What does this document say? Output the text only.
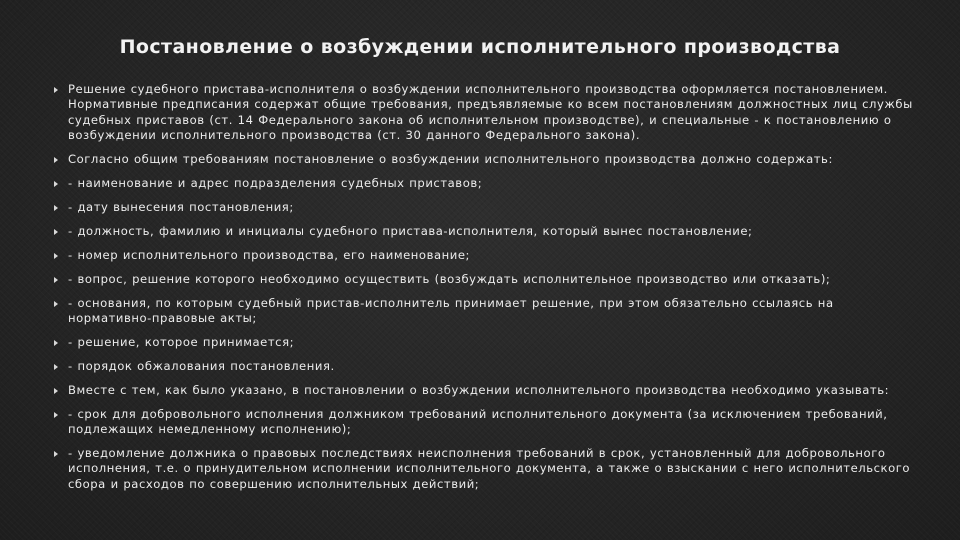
Постановление о возбуждении исполнительного производства
Решение судебного пристава-исполнителя о возбуждении исполнительного производства оформляется постановлением. Нормативные предписания содержат общие требования, предъявляемые ко всем постановлениям должностных лиц службы судебных приставов (ст. 14 Федерального закона об исполнительном производстве), и специальные - к постановлению о возбуждении исполнительного производства (ст. 30 данного Федерального закона).
Согласно общим требованиям постановление о возбуждении исполнительного производства должно содержать:
- наименование и адрес подразделения судебных приставов;
- дату вынесения постановления;
- должность, фамилию и инициалы судебного пристава-исполнителя, который вынес постановление;
- номер исполнительного производства, его наименование;
- вопрос, решение которого необходимо осуществить (возбуждать исполнительное производство или отказать);
- основания, по которым судебный пристав-исполнитель принимает решение, при этом обязательно ссылаясь на нормативно-правовые акты;
- решение, которое принимается;
- порядок обжалования постановления.
Вместе с тем, как было указано, в постановлении о возбуждении исполнительного производства необходимо указывать:
- срок для добровольного исполнения должником требований исполнительного документа (за исключением требований, подлежащих немедленному исполнению);
- уведомление должника о правовых последствиях неисполнения требований в срок, установленный для добровольного исполнения, т.е. о принудительном исполнении исполнительного документа, а также о взыскании с него исполнительского сбора и расходов по совершению исполнительных действий;
